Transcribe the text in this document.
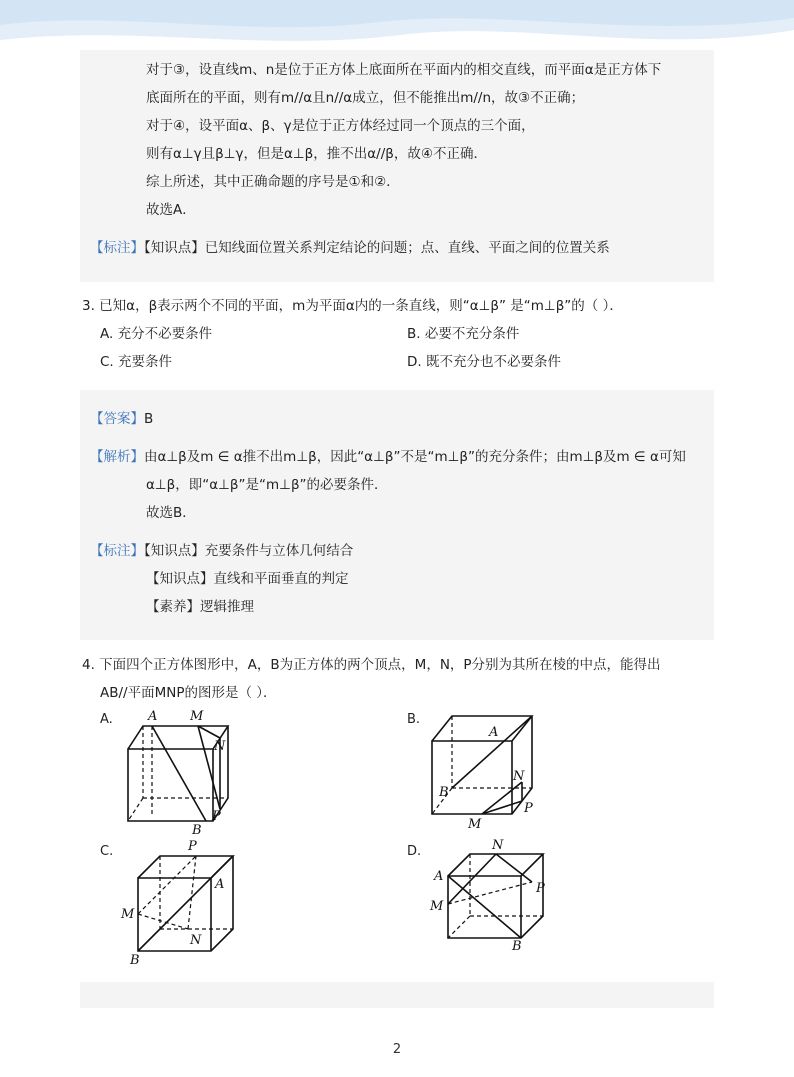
对于③，设直线m、n是位于正方体上底面所在平面内的相交直线，而平面α是正方体下
底面所在的平面，则有m//α且n//α成立，但不能推出m//n，故③不正确；
对于④，设平面α、β、γ是位于正方体经过同一个顶点的三个面，
则有α⊥γ且β⊥γ，但是α⊥β，推不出α//β，故④不正确．
综上所述，其中正确命题的序号是①和②．
故选A．
【标注】【知识点】已知线面位置关系判定结论的问题；点、直线、平面之间的位置关系
3. 已知α，β表示两个不同的平面，m为平面α内的一条直线，则“α⊥β” 是“m⊥β”的（ ）．
A. 充分不必要条件	B. 必要不充分条件
C. 充要条件	D. 既不充分也不必要条件
【答案】B
【解析】由α⊥β及m ∈ α推不出m⊥β，因此“α⊥β”不是“m⊥β”的充分条件；由m⊥β及m ∈ α可知
α⊥β，即“α⊥β”是“m⊥β”的必要条件．
故选B．
【标注】【知识点】充要条件与立体几何结合
【知识点】直线和平面垂直的判定
【素养】逻辑推理
4. 下面四个正方体图形中，A，B为正方体的两个顶点，M，N，P分别为其所在棱的中点，能得出
AB//平面MNP的图形是（ ）．
A.	A	M
N
P
B
B.
A
N
B
P
M
C.	P
A
M
N
B
D.	N
A
P
M
B
2
